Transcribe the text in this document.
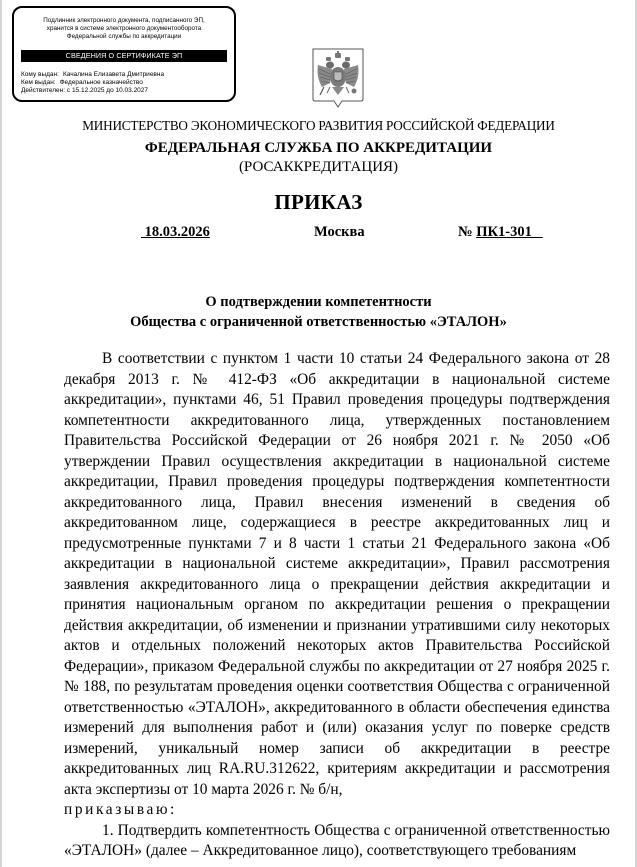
Подлинник электронного документа, подписанного ЭП,
хранится в системе электронного документооборота
Федеральной службы по аккредитации
СВЕДЕНИЯ О СЕРТИФИКАТЕ ЭП
Кому выдан: Качалина Елизавета Дмитриевна
Кем выдан: Федеральное казначейство
Действителен: с 15.12.2025 до 10.03.2027
МИНИСТЕРСТВО ЭКОНОМИЧЕСКОГО РАЗВИТИЯ РОССИЙСКОЙ ФЕДЕРАЦИИ
ФЕДЕРАЛЬНАЯ СЛУЖБА ПО АККРЕДИТАЦИИ
(РОСАККРЕДИТАЦИЯ)
ПРИКАЗ
18.03.2026	Москва	№ ПК1-301
О подтверждении компетентности
Общества с ограниченной ответственностью «ЭТАЛОН»

В соответствии с пунктом 1 части 10 статьи 24 Федерального закона от 28 декабря 2013 г. № 412-ФЗ «Об аккредитации в национальной системе аккредитации», пунктами 46, 51 Правил проведения процедуры подтверждения компетентности аккредитованного лица, утвержденных постановлением Правительства Российской Федерации от 26 ноября 2021 г. № 2050 «Об утверждении Правил осуществления аккредитации в национальной системе аккредитации, Правил проведения процедуры подтверждения компетентности аккредитованного лица, Правил внесения изменений в сведения об аккредитованном лице, содержащиеся в реестре аккредитованных лиц и предусмотренные пунктами 7 и 8 части 1 статьи 21 Федерального закона «Об аккредитации в национальной системе аккредитации», Правил рассмотрения заявления аккредитованного лица о прекращении действия аккредитации и принятия национальным органом по аккредитации решения о прекращении действия аккредитации, об изменении и признании утратившими силу некоторых актов и отдельных положений некоторых актов Правительства Российской Федерации», приказом Федеральной службы по аккредитации от 27 ноября 2025 г. № 188, по результатам проведения оценки соответствия Общества с ограниченной ответственностью «ЭТАЛОН», аккредитованного в области обеспечения единства измерений для выполнения работ и (или) оказания услуг по поверке средств измерений, уникальный номер записи об аккредитации в реестре аккредитованных лиц RA.RU.312622, критериям аккредитации и рассмотрения акта экспертизы от 10 марта 2026 г. № б/н,

приказываю:

1. Подтвердить компетентность Общества с ограниченной ответственностью «ЭТАЛОН» (далее – Аккредитованное лицо), соответствующего требованиям
